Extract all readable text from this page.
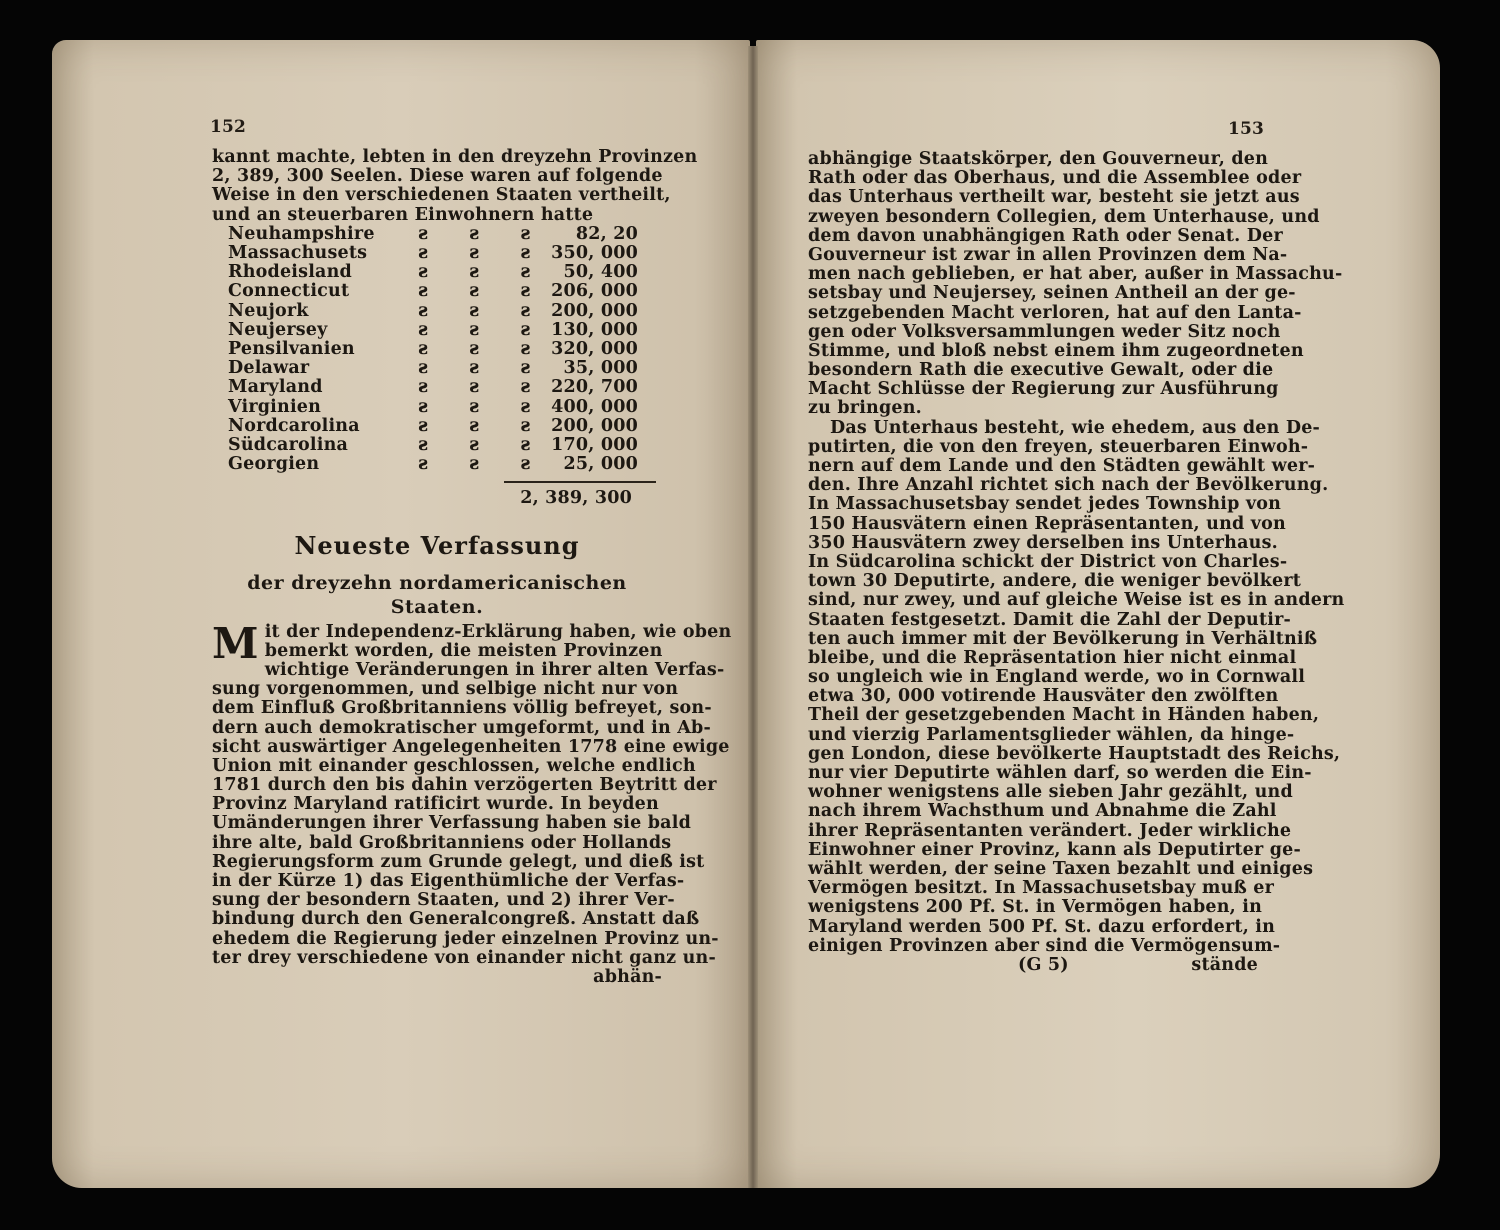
152
kannt machte, lebten in den dreyzehn Provinzen
2, 389, 300 Seelen. Diese waren auf folgende
Weise in den verschiedenen Staaten vertheilt,
und an steuerbaren Einwohnern hatte
Neuhampshire	ƨ	ƨ	ƨ	82, 20
Massachusets	ƨ	ƨ	ƨ	350, 000
Rhodeisland	ƨ	ƨ	ƨ	50, 400
Connecticut	ƨ	ƨ	ƨ	206, 000
Neujork	ƨ	ƨ	ƨ	200, 000
Neujersey	ƨ	ƨ	ƨ	130, 000
Pensilvanien	ƨ	ƨ	ƨ	320, 000
Delawar	ƨ	ƨ	ƨ	35, 000
Maryland	ƨ	ƨ	ƨ	220, 700
Virginien	ƨ	ƨ	ƨ	400, 000
Nordcarolina	ƨ	ƨ	ƨ	200, 000
Südcarolina	ƨ	ƨ	ƨ	170, 000
Georgien	ƨ	ƨ	ƨ	25, 000
2, 389, 300
Neueste Verfassung
der dreyzehn nordamericanischen Staaten.
M it der Independenz-Erklärung haben, wie oben
bemerkt worden, die meisten Provinzen
wichtige Veränderungen in ihrer alten Verfas-
sung vorgenommen, und selbige nicht nur von
dem Einfluß Großbritanniens völlig befreyet, son-
dern auch demokratischer umgeformt, und in Ab-
sicht auswärtiger Angelegenheiten 1778 eine ewige
Union mit einander geschlossen, welche endlich
1781 durch den bis dahin verzögerten Beytritt der
Provinz Maryland ratificirt wurde. In beyden
Umänderungen ihrer Verfassung haben sie bald
ihre alte, bald Großbritanniens oder Hollands
Regierungsform zum Grunde gelegt, und dieß ist
in der Kürze 1) das Eigenthümliche der Verfas-
sung der besondern Staaten, und 2) ihrer Ver-
bindung durch den Generalcongreß. Anstatt daß
ehedem die Regierung jeder einzelnen Provinz un-
ter drey verschiedene von einander nicht ganz un-
abhän-
153
abhängige Staatskörper, den Gouverneur, den
Rath oder das Oberhaus, und die Assemblee oder
das Unterhaus vertheilt war, besteht sie jetzt aus
zweyen besondern Collegien, dem Unterhause, und
dem davon unabhängigen Rath oder Senat. Der
Gouverneur ist zwar in allen Provinzen dem Na-
men nach geblieben, er hat aber, außer in Massachu-
setsbay und Neujersey, seinen Antheil an der ge-
setzgebenden Macht verloren, hat auf den Lanta-
gen oder Volksversammlungen weder Sitz noch
Stimme, und bloß nebst einem ihm zugeordneten
besondern Rath die executive Gewalt, oder die
Macht Schlüsse der Regierung zur Ausführung
zu bringen.
Das Unterhaus besteht, wie ehedem, aus den De-
putirten, die von den freyen, steuerbaren Einwoh-
nern auf dem Lande und den Städten gewählt wer-
den. Ihre Anzahl richtet sich nach der Bevölkerung.
In Massachusetsbay sendet jedes Township von
150 Hausvätern einen Repräsentanten, und von
350 Hausvätern zwey derselben ins Unterhaus.
In Südcarolina schickt der District von Charles-
town 30 Deputirte, andere, die weniger bevölkert
sind, nur zwey, und auf gleiche Weise ist es in andern
Staaten festgesetzt. Damit die Zahl der Deputir-
ten auch immer mit der Bevölkerung in Verhältniß
bleibe, und die Repräsentation hier nicht einmal
so ungleich wie in England werde, wo in Cornwall
etwa 30, 000 votirende Hausväter den zwölften
Theil der gesetzgebenden Macht in Händen haben,
und vierzig Parlamentsglieder wählen, da hinge-
gen London, diese bevölkerte Hauptstadt des Reichs,
nur vier Deputirte wählen darf, so werden die Ein-
wohner wenigstens alle sieben Jahr gezählt, und
nach ihrem Wachsthum und Abnahme die Zahl
ihrer Repräsentanten verändert. Jeder wirkliche
Einwohner einer Provinz, kann als Deputirter ge-
wählt werden, der seine Taxen bezahlt und einiges
Vermögen besitzt. In Massachusetsbay muß er
wenigstens 200 Pf. St. in Vermögen haben, in
Maryland werden 500 Pf. St. dazu erfordert, in
einigen Provinzen aber sind die Vermögensum-
(G 5)	stände
